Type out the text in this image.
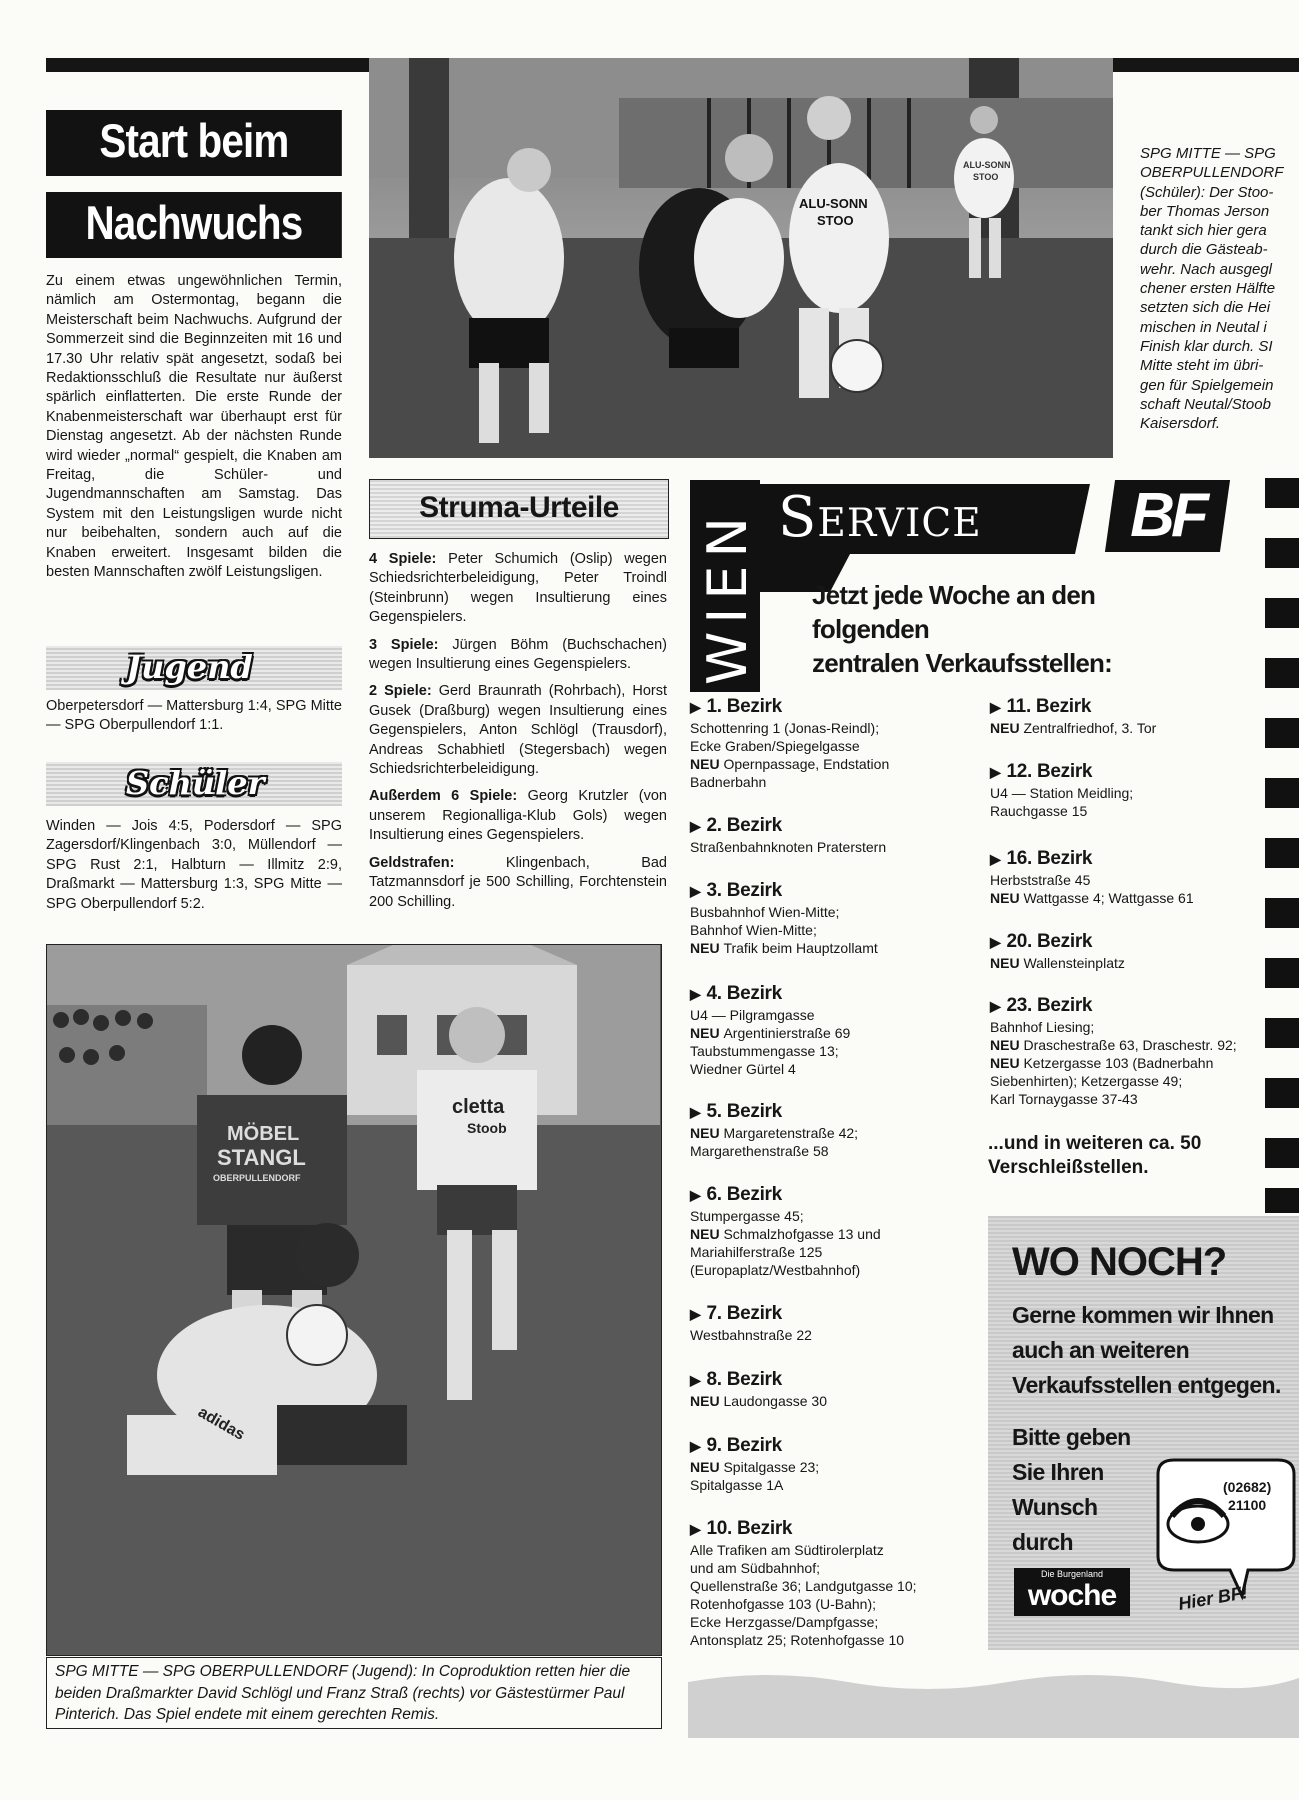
Start beim
Nachwuchs
Zu einem etwas ungewöhnlichen Termin, nämlich am Ostermontag, begann die Meisterschaft beim Nachwuchs. Aufgrund der Sommerzeit sind die Beginnzeiten mit 16 und 17.30 Uhr relativ spät angesetzt, sodaß bei Redaktionsschluß die Resultate nur äußerst spärlich einflatterten. Die erste Runde der Knabenmeisterschaft war überhaupt erst für Dienstag angesetzt. Ab der nächsten Runde wird wieder „normal“ gespielt, die Knaben am Freitag, die Schüler- und Jugendmannschaften am Samstag. Das System mit den Leistungsligen wurde nicht nur beibehalten, sondern auch auf die Knaben erweitert. Insgesamt bilden die besten Mannschaften zwölf Leistungsligen.
Jugend
Oberpetersdorf — Mattersburg 1:4, SPG Mitte — SPG Oberpullendorf 1:1.
Schüler
Winden — Jois 4:5, Podersdorf — SPG Zagersdorf/Klingenbach 3:0, Müllendorf — SPG Rust 2:1, Halbturn — Illmitz 2:9, Draßmarkt — Mattersburg 1:3, SPG Mitte — SPG Oberpullendorf 5:2.
ALU-SONN
STOO
ALU-SONN
STOO
SPG MITTE — SPG
OBERPULLENDORF
(Schüler): Der Stoo-
ber Thomas Jerson
tankt sich hier gera
durch die Gästeab-
wehr. Nach ausgegl
chener ersten Hälfte
setzten sich die Hei
mischen in Neutal i
Finish klar durch. SI
Mitte steht im übri-
gen für Spielgemein
schaft Neutal/Stoob
Kaisersdorf.
Struma-Urteile

4 Spiele: Peter Schumich (Oslip) wegen Schiedsrichterbeleidigung, Peter Troindl (Steinbrunn) wegen Insultierung eines Gegenspielers.

3 Spiele: Jürgen Böhm (Buchschachen) wegen Insultierung eines Gegenspielers.

2 Spiele: Gerd Braunrath (Rohrbach), Horst Gusek (Draßburg) wegen Insultierung eines Gegenspielers, Anton Schlögl (Trausdorf), Andreas Schabhietl (Stegersbach) wegen Schiedsrichterbeleidigung.

Außerdem 6 Spiele: Georg Krutzler (von unserem Regionalliga-Klub Gols) wegen Insultierung eines Gegenspielers.

Geldstrafen: Klingenbach, Bad Tatzmannsdorf je 500 Schilling, Forchtenstein 200 Schilling.

MÖBEL
STANGL
OBERPULLENDORF
cletta
Stoob
adidas
SPG MITTE — SPG OBERPULLENDORF (Jugend): In Coproduktion retten hier die beiden Draßmarkter David Schlögl und Franz Straß (rechts) vor Gästestürmer Paul Pinterich. Das Spiel endete mit einem gerechten Remis.
WIEN Service	BF
Jetzt jede Woche an den
folgenden
zentralen Verkaufsstellen:
▶ 1. Bezirk
Schottenring 1 (Jonas-Reindl);
Ecke Graben/Spiegelgasse
NEU Opernpassage, Endstation
Badnerbahn
▶ 2. Bezirk
Straßenbahnknoten Praterstern
▶ 3. Bezirk
Busbahnhof Wien-Mitte;
Bahnhof Wien-Mitte;
NEU Trafik beim Hauptzollamt
▶ 4. Bezirk
U4 — Pilgramgasse
NEU Argentinierstraße 69
Taubstummengasse 13;
Wiedner Gürtel 4
▶ 5. Bezirk
NEU Margaretenstraße 42;
Margarethenstraße 58
▶ 6. Bezirk
Stumpergasse 45;
NEU Schmalzhofgasse 13 und
Mariahilferstraße 125
(Europaplatz/Westbahnhof)
▶ 7. Bezirk
Westbahnstraße 22
▶ 8. Bezirk
NEU Laudongasse 30
▶ 9. Bezirk
NEU Spitalgasse 23;
Spitalgasse 1A
▶ 10. Bezirk
Alle Trafiken am Südtirolerplatz
und am Südbahnhof;
Quellenstraße 36; Landgutgasse 10;
Rotenhofgasse 103 (U-Bahn);
Ecke Herzgasse/Dampfgasse;
Antonsplatz 25; Rotenhofgasse 10
▶ 11. Bezirk
NEU Zentralfriedhof, 3. Tor
▶ 12. Bezirk
U4 — Station Meidling;
Rauchgasse 15
▶ 16. Bezirk
Herbststraße 45
NEU Wattgasse 4; Wattgasse 61
▶ 20. Bezirk
NEU Wallensteinplatz
▶ 23. Bezirk
Bahnhof Liesing;
NEU Draschestraße 63, Draschestr. 92;
NEU Ketzergasse 103 (Badnerbahn
Siebenhirten); Ketzergasse 49;
Karl Tornaygasse 37-43
...und in weiteren ca. 50
Verschleißstellen.
WO NOCH?
Gerne kommen wir Ihnen
auch an weiteren
Verkaufsstellen entgegen.
Bitte geben
Sie Ihren
Wunsch
durch
Die Burgenland
woche
(02682)
21100
Hier BF!
